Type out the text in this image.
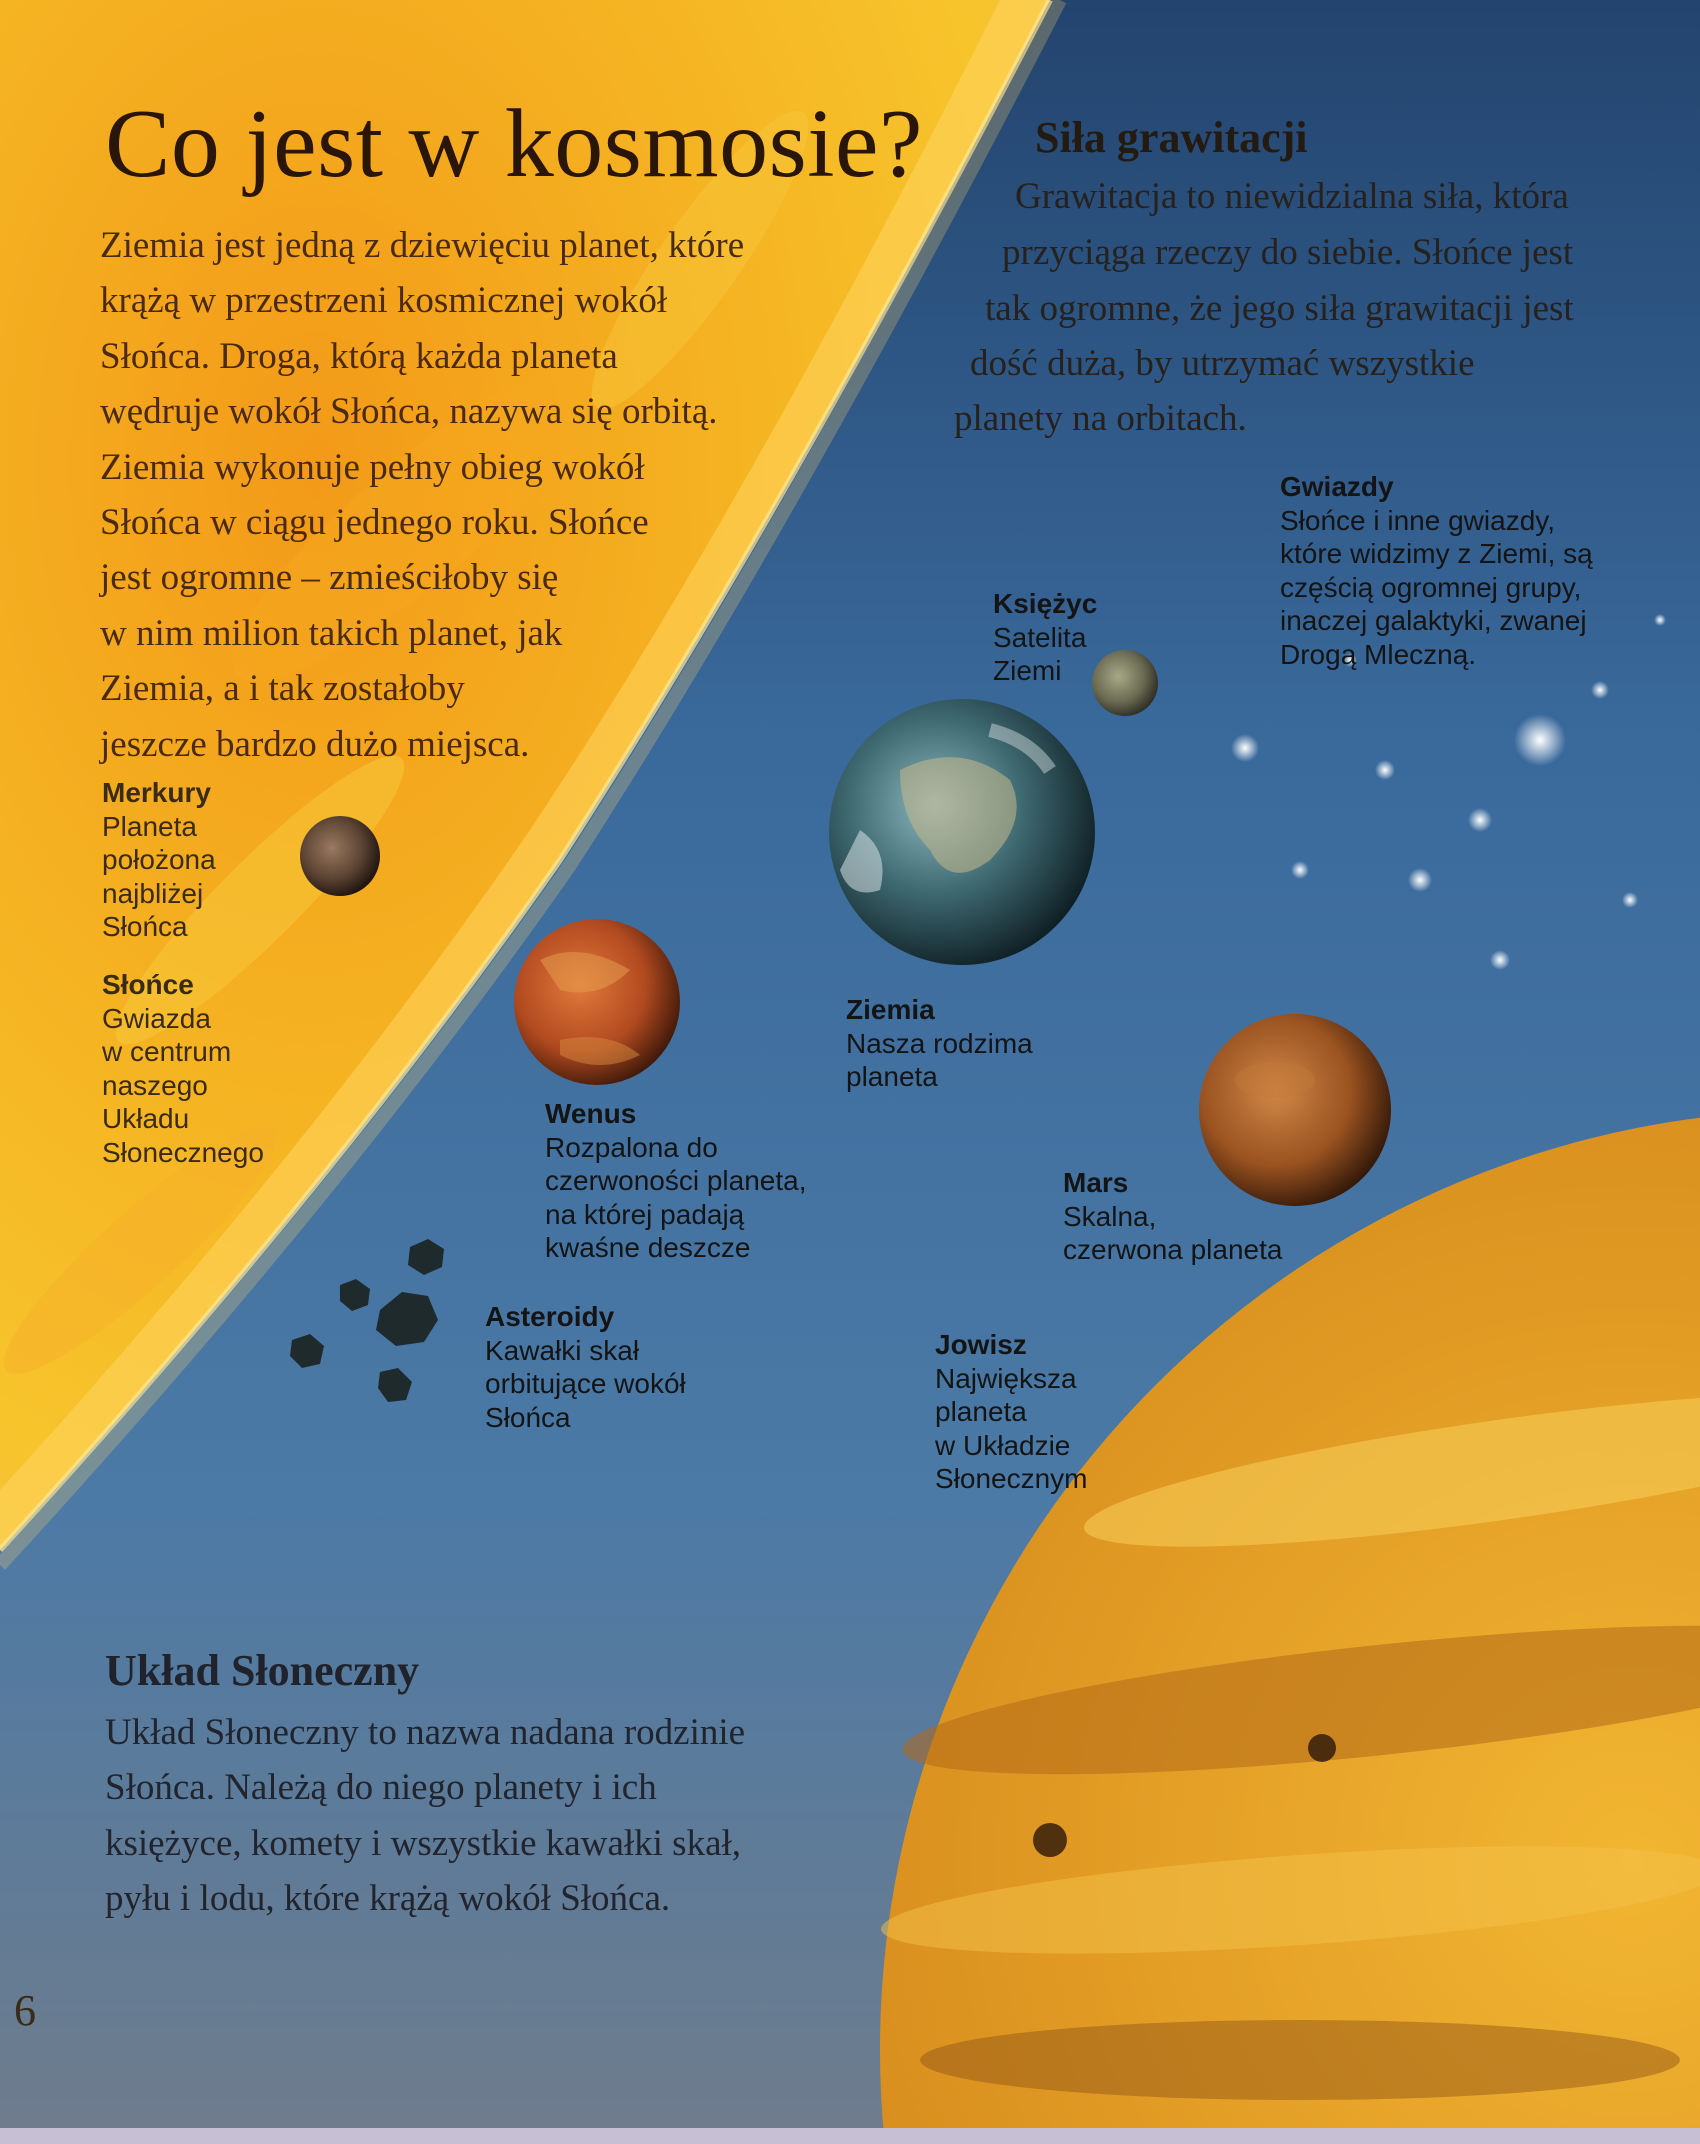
Co jest w kosmosie?
Ziemia jest jedną z dziewięciu planet, które
krążą w przestrzeni kosmicznej wokół
Słońca. Droga, którą każda planeta
wędruje wokół Słońca, nazywa się orbitą.
Ziemia wykonuje pełny obieg wokół
Słońca w ciągu jednego roku. Słońce
jest ogromne – zmieściłoby się
w nim milion takich planet, jak
Ziemia, a i tak zostałoby
jeszcze bardzo dużo miejsca.
Siła grawitacji
Grawitacja to niewidzialna siła, która
przyciąga rzeczy do siebie. Słońce jest
tak ogromne, że jego siła grawitacji jest
dość duża, by utrzymać wszystkie
planety na orbitach.
Merkury
Planeta
położona
najbliżej
Słońca
Słońce
Gwiazda
w centrum
naszego
Układu
Słonecznego
Wenus
Rozpalona do
czerwoności planeta,
na której padają
kwaśne deszcze
Asteroidy
Kawałki skał
orbitujące wokół
Słońca
Księżyc
Satelita
Ziemi
Gwiazdy
Słońce i inne gwiazdy,
które widzimy z Ziemi, są
częścią ogromnej grupy,
inaczej galaktyki, zwanej
Drogą Mleczną.
Ziemia
Nasza rodzima
planeta
Mars
Skalna,
czerwona planeta
Jowisz
Największa
planeta
w Układzie
Słonecznym
Układ Słoneczny
Układ Słoneczny to nazwa nadana rodzinie
Słońca. Należą do niego planety i ich
księżyce, komety i wszystkie kawałki skał,
pyłu i lodu, które krążą wokół Słońca.
6
